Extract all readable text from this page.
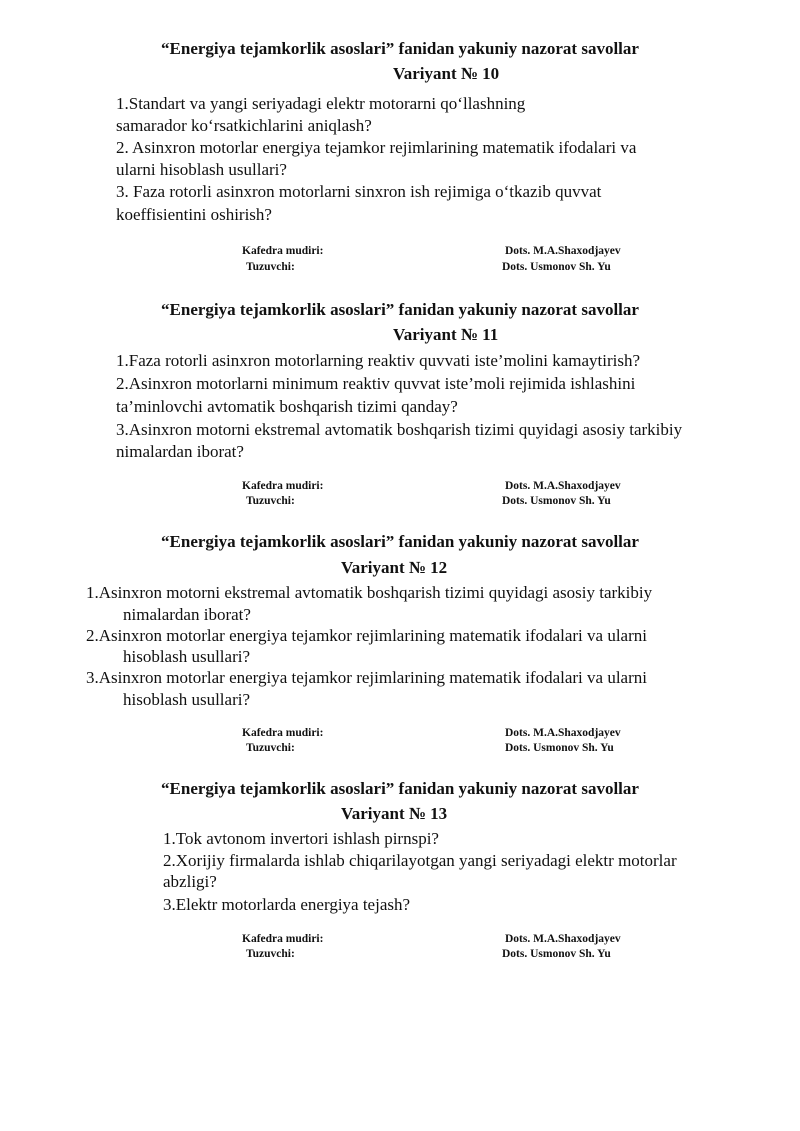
“Energiya tejamkorlik asoslari” fanidan yakuniy nazorat savollar
Variyant № 10
1.Standart va yangi seriyadagi elektr motorarni qo‘llashning
samarador ko‘rsatkichlarini aniqlash?
2. Asinxron motorlar energiya tejamkor rejimlarining matematik ifodalari va
ularni hisoblash usullari?
3. Faza rotorli asinxron motorlarni sinxron ish rejimiga o‘tkazib quvvat
koeffisientini oshirish?
Kafedra mudiri:	Dots. M.A.Shaxodjayev
Tuzuvchi:	Dots. Usmonov Sh. Yu
“Energiya tejamkorlik asoslari” fanidan yakuniy nazorat savollar
Variyant № 11
1.Faza rotorli asinxron motorlarning reaktiv quvvati iste’molini kamaytirish?
2.Asinxron motorlarni minimum reaktiv quvvat iste’moli rejimida ishlashini
ta’minlovchi avtomatik boshqarish tizimi qanday?
3.Asinxron motorni ekstremal avtomatik boshqarish tizimi quyidagi asosiy tarkibiy
nimalardan iborat?
Kafedra mudiri:	Dots. M.A.Shaxodjayev
Tuzuvchi:	Dots. Usmonov Sh. Yu
“Energiya tejamkorlik asoslari” fanidan yakuniy nazorat savollar
Variyant № 12
1.Asinxron motorni ekstremal avtomatik boshqarish tizimi quyidagi asosiy tarkibiy
nimalardan iborat?
2.Asinxron motorlar energiya tejamkor rejimlarining matematik ifodalari va ularni
hisoblash usullari?
3.Asinxron motorlar energiya tejamkor rejimlarining matematik ifodalari va ularni
hisoblash usullari?
Kafedra mudiri:	Dots. M.A.Shaxodjayev
Tuzuvchi:	Dots. Usmonov Sh. Yu
“Energiya tejamkorlik asoslari” fanidan yakuniy nazorat savollar
Variyant № 13
1.Tok avtonom invertori ishlash pirnspi?
2.Xorijiy firmalarda ishlab chiqarilayotgan yangi seriyadagi elektr motorlar
abzligi?
3.Elektr motorlarda energiya tejash?
Kafedra mudiri:	Dots. M.A.Shaxodjayev
Tuzuvchi:	Dots. Usmonov Sh. Yu
